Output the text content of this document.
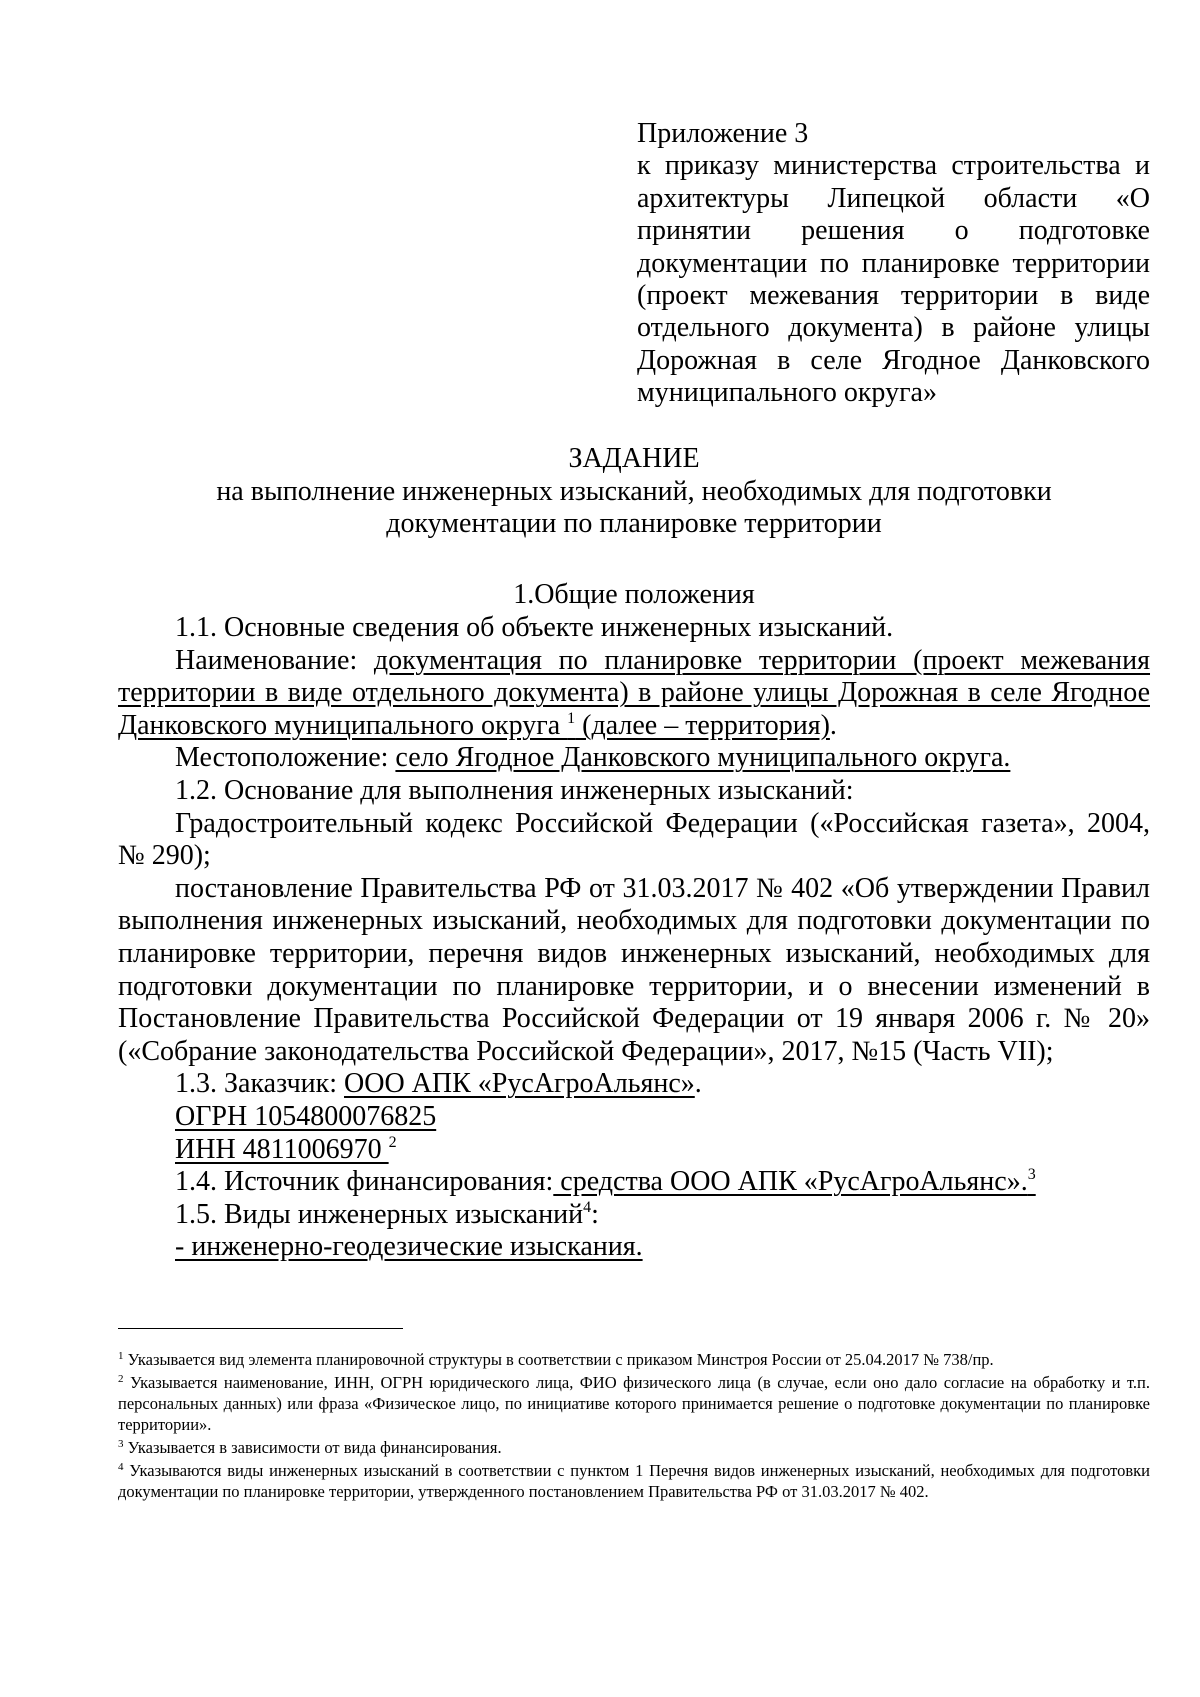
Приложение 3
к приказу министерства строительства и архитектуры Липецкой области «О принятии решения о подготовке документации по планировке территории (проект межевания территории в виде отдельного документа) в районе улицы Дорожная в селе Ягодное Данковского муниципального округа»
ЗАДАНИЕ
на выполнение инженерных изысканий, необходимых для подготовки
документации по планировке территории
1.Общие положения

1.1. Основные сведения об объекте инженерных изысканий.

Наименование: документация по планировке территории (проект межевания территории в виде отдельного документа) в районе улицы Дорожная в селе Ягодное Данковского муниципального округа $^1$ (далее – территория).

Местоположение: село Ягодное Данковского муниципального округа.

1.2. Основание для выполнения инженерных изысканий:

Градостроительный кодекс Российской Федерации («Российская газета», 2004, № 290);

постановление Правительства РФ от 31.03.2017 № 402 «Об утверждении Правил выполнения инженерных изысканий, необходимых для подготовки документации по планировке территории, перечня видов инженерных изысканий, необходимых для подготовки документации по планировке территории, и о внесении изменений в Постановление Правительства Российской Федерации от 19 января 2006 г. № 20» («Собрание законодательства Российской Федерации», 2017, №15 (Часть VII);

1.3. Заказчик: ООО АПК «РусАгроАльянс».

ОГРН 1054800076825

ИНН 4811006970 $^2$

1.4. Источник финансирования: средства ООО АПК «РусАгроАльянс».$^3$

1.5. Виды инженерных изысканий$^4$:

- инженерно-геодезические изыскания.

$^1$ Указывается вид элемента планировочной структуры в соответствии с приказом Минстроя России от 25.04.2017 № 738/пр.

$^2$ Указывается наименование, ИНН, ОГРН юридического лица, ФИО физического лица (в случае, если оно дало согласие на обработку и т.п. персональных данных) или фраза «Физическое лицо, по инициативе которого принимается решение о подготовке документации по планировке территории».

$^3$ Указывается в зависимости от вида финансирования.

$^4$ Указываются виды инженерных изысканий в соответствии с пунктом 1 Перечня видов инженерных изысканий, необходимых для подготовки документации по планировке территории, утвержденного постановлением Правительства РФ от 31.03.2017 № 402.
